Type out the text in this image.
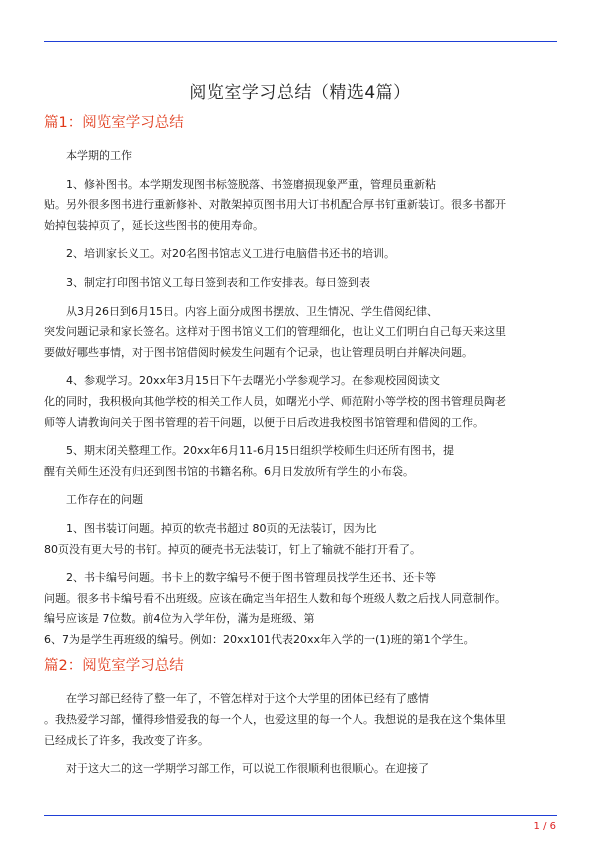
阅览室学习总结（精选4篇）
篇1：阅览室学习总结
本学期的工作
1、修补图书。本学期发现图书标签脱落、书签磨损现象严重，管理员重新粘
贴。另外很多图书进行重新修补、对散架掉页图书用大订书机配合厚书钉重新装订。很多书都开
始掉包装掉页了，延长这些图书的使用寿命。
2、培训家长义工。对20名图书馆志义工进行电脑借书还书的培训。
3、制定打印图书馆义工每日签到表和工作安排表。每日签到表
从3月26日到6月15日。内容上面分成图书摆放、卫生情况、学生借阅纪律、
突发问题记录和家长签名。这样对于图书馆义工们的管理细化，也让义工们明白自己每天来这里
要做好哪些事情，对于图书馆借阅时候发生问题有个记录，也让管理员明白并解决问题。
4、参观学习。20xx年3月15日下午去曙光小学参观学习。在参观校园阅读文
化的同时，我积极向其他学校的相关工作人员，如曙光小学、师范附小等学校的图书管理员陶老
师等人请教询问关于图书管理的若干问题，以便于日后改进我校图书馆管理和借阅的工作。
5、期末闭关整理工作。20xx年6月11-6月15日组织学校师生归还所有图书，提
醒有关师生还没有归还到图书馆的书籍名称。6月日发放所有学生的小布袋。
工作存在的问题
1、图书装订问题。掉页的软壳书超过 80页的无法装订，因为比
80页没有更大号的书钉。掉页的硬壳书无法装订，钉上了输就不能打开看了。
2、书卡编号问题。书卡上的数字编号不便于图书管理员找学生还书、还卡等
问题。很多书卡编号看不出班级。应该在确定当年招生人数和每个班级人数之后找人同意制作。
编号应该是 7位数。前4位为入学年份，滿为是班级、第
6、7为是学生再班级的编号。例如：20xx101代表20xx年入学的一(1)班的第1个学生。
篇2：阅览室学习总结
在学习部已经待了整一年了，不管怎样对于这个大学里的团体已经有了感情
。我热爱学习部，懂得珍惜爱我的每一个人，也爱这里的每一个人。我想说的是我在这个集体里
已经成长了许多，我改变了许多。
对于这大二的这一学期学习部工作，可以说工作很顺利也很顺心。在迎接了
1 / 6
